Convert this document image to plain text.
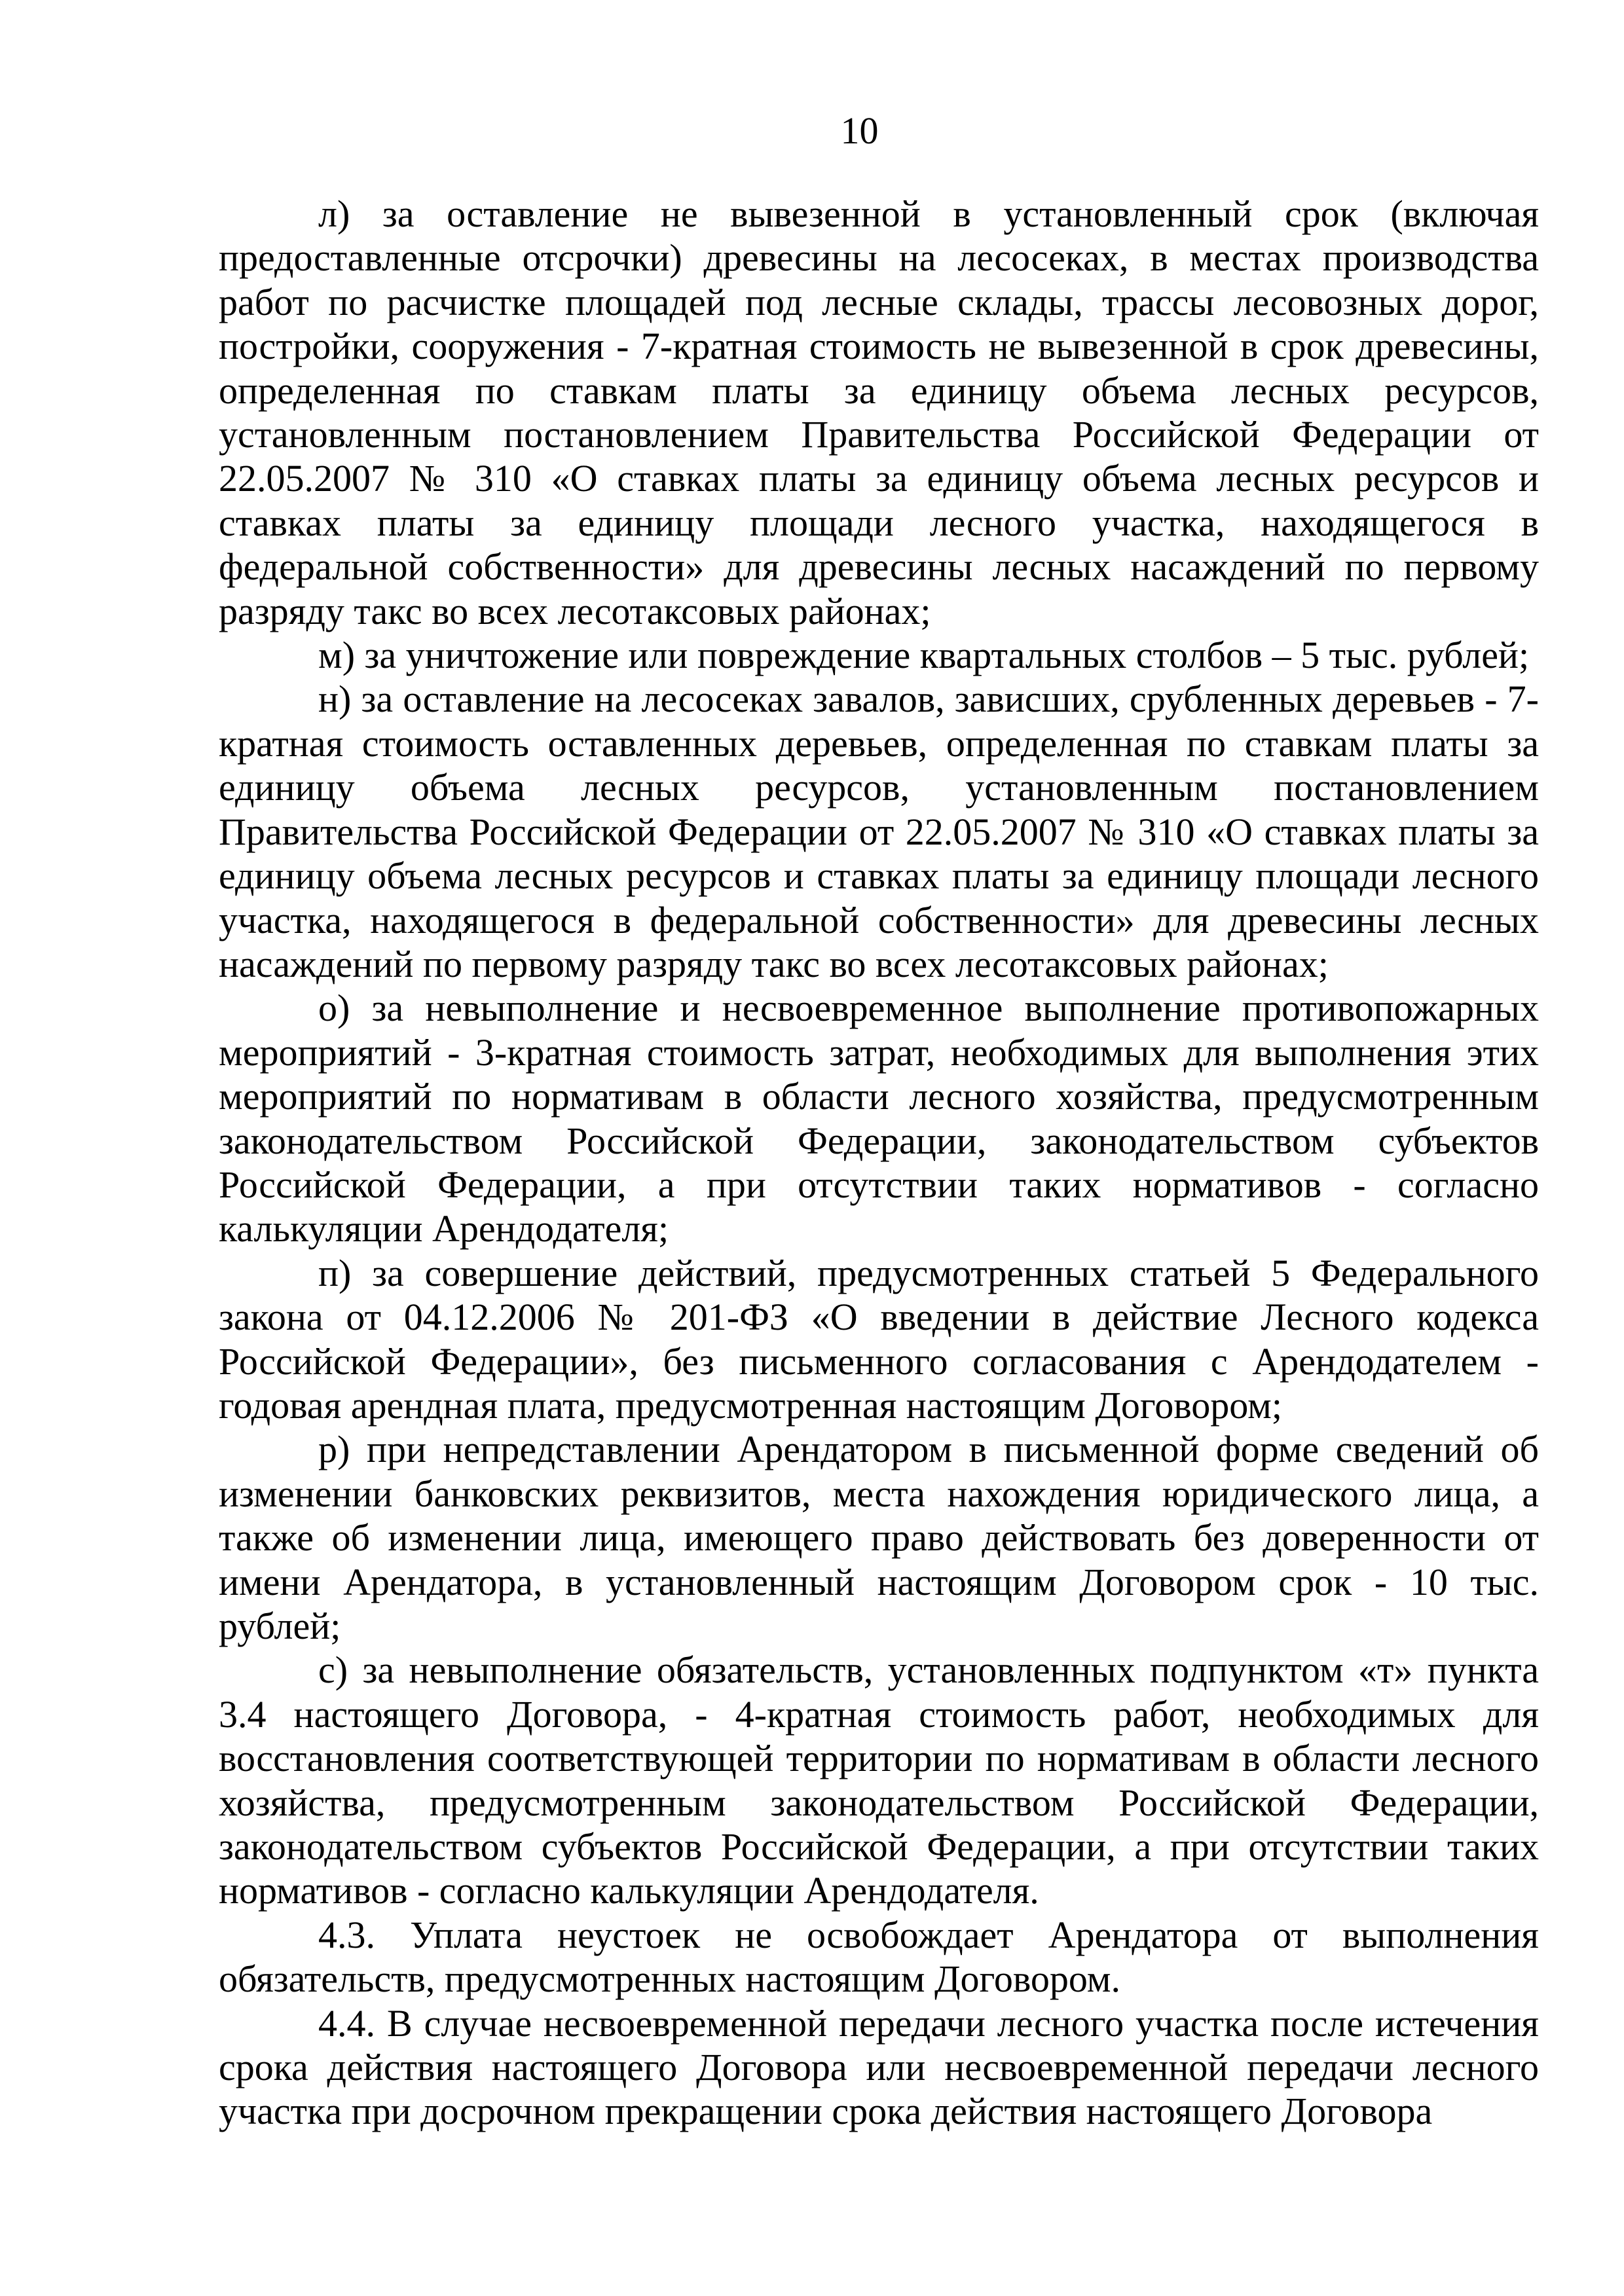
10

л) за оставление не вывезенной в установленный срок (включая предоставленные отсрочки) древесины на лесосеках, в местах производства работ по расчистке площадей под лесные склады, трассы лесовозных дорог, постройки, сооружения - 7-кратная стоимость не вывезенной в срок древесины, определенная по ставкам платы за единицу объема лесных ресурсов, установленным постановлением Правительства Российской Федерации от 22.05.2007 № 310 «О ставках платы за единицу объема лесных ресурсов и ставках платы за единицу площади лесного участка, находящегося в федеральной собственности» для древесины лесных насаждений по первому разряду такс во всех лесотаксовых районах;

м) за уничтожение или повреждение квартальных столбов – 5 тыс. рублей;

н) за оставление на лесосеках завалов, зависших, срубленных деревьев - 7-кратная стоимость оставленных деревьев, определенная по ставкам платы за единицу объема лесных ресурсов, установленным постановлением Правительства Российской Федерации от 22.05.2007 № 310 «О ставках платы за единицу объема лесных ресурсов и ставках платы за единицу площади лесного участка, находящегося в федеральной собственности» для древесины лесных насаждений по первому разряду такс во всех лесотаксовых районах;

о) за невыполнение и несвоевременное выполнение противопожарных мероприятий - 3-кратная стоимость затрат, необходимых для выполнения этих мероприятий по нормативам в области лесного хозяйства, предусмотренным законодательством Российской Федерации, законодательством субъектов Российской Федерации, а при отсутствии таких нормативов - согласно калькуляции Арендодателя;

п) за совершение действий, предусмотренных статьей 5 Федерального закона от 04.12.2006 № 201-ФЗ «О введении в действие Лесного кодекса Российской Федерации», без письменного согласования с Арендодателем - годовая арендная плата, предусмотренная настоящим Договором;

р) при непредставлении Арендатором в письменной форме сведений об изменении банковских реквизитов, места нахождения юридического лица, а также об изменении лица, имеющего право действовать без доверенности от имени Арендатора, в установленный настоящим Договором срок - 10 тыс. рублей;

с) за невыполнение обязательств, установленных подпунктом «т» пункта 3.4 настоящего Договора, - 4-кратная стоимость работ, необходимых для восстановления соответствующей территории по нормативам в области лесного хозяйства, предусмотренным законодательством Российской Федерации, законодательством субъектов Российской Федерации, а при отсутствии таких нормативов - согласно калькуляции Арендодателя.

4.3. Уплата неустоек не освобождает Арендатора от выполнения обязательств, предусмотренных настоящим Договором.

4.4. В случае несвоевременной передачи лесного участка после истечения срока действия настоящего Договора или несвоевременной передачи лесного участка при досрочном прекращении срока действия настоящего Договора
